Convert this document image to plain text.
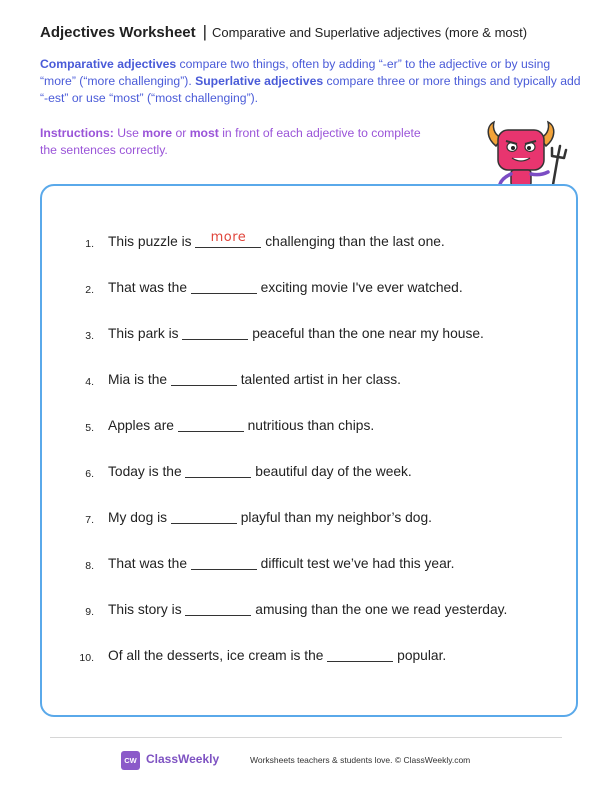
Adjectives Worksheet | Comparative and Superlative adjectives (more & most)

Comparative adjectives compare two things, often by adding “-er” to the adjective or by using “more” (“more challenging”). Superlative adjectives compare three or more things and typically add “-est” or use “most” (“most challenging”).

Instructions: Use more or most in front of each adjective to complete the sentences correctly.

1. This puzzle is	more	challenging than the last one.
2. That was the	exciting movie I've ever watched.
3. This park is	peaceful than the one near my house.
4. Mia is the	talented artist in her class.
5. Apples are	nutritious than chips.
6. Today is the	beautiful day of the week.
7. My dog is	playful than my neighbor’s dog.
8. That was the	difficult test we’ve had this year.
9. This story is	amusing than the one we read yesterday.
10. Of all the desserts, ice cream is the	popular.
CW ClassWeekly	Worksheets teachers & students love. © ClassWeekly.com
